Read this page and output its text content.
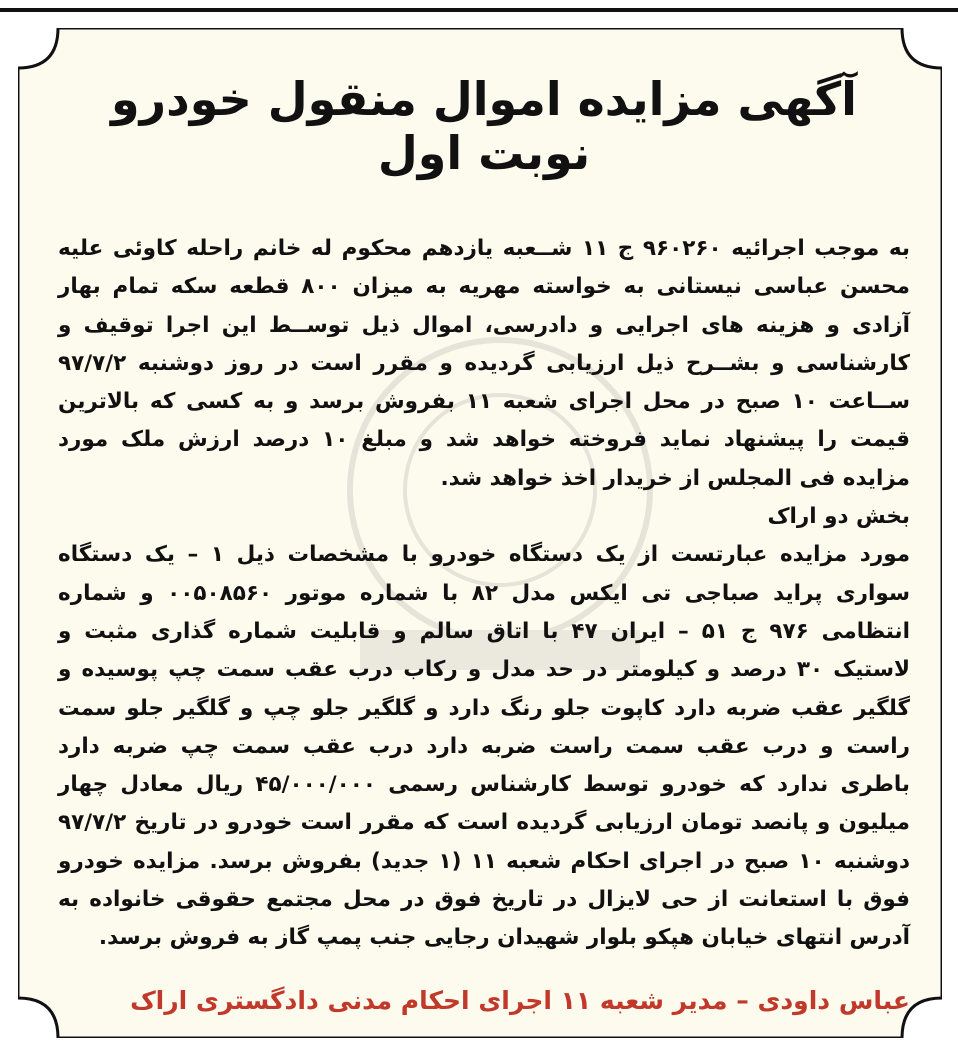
آگهی مزایده اموال منقول خودرو نوبت اول

به موجب اجرائیه ۹۶۰۲۶۰ ج ۱۱ شــعبه یازدهم محکوم له خانم راحله کاوئی علیه محسن عباسی نیستانی به خواسته مهریه به میزان ۸۰۰ قطعه سکه تمام بهار آزادی و هزینه های اجرایی و دادرسی، اموال ذیل توســط این اجرا توقیف و کارشناسی و بشــرح ذیل ارزیابی گردیده و مقرر است در روز دوشنبه ۹۷/۷/۲ ســاعت ۱۰ صبح در محل اجرای شعبه ۱۱ بفروش برسد و به کسی که بالاترین قیمت را پیشنهاد نماید فروخته خواهد شد و مبلغ ۱۰ درصد ارزش ملک مورد مزایده فی المجلس از خریدار اخذ خواهد شد.

بخش دو اراک

مورد مزایده عبارتست از یک دستگاه خودرو با مشخصات ذیل ۱ – یک دستگاه سواری پراید صباجی تی ایکس مدل ۸۲ با شماره موتور ۰۰۵۰۸۵۶۰ و شماره انتظامی ۹۷۶ ج ۵۱ – ایران ۴۷ با اتاق سالم و قابلیت شماره گذاری مثبت و لاستیک ۳۰ درصد و کیلومتر در حد مدل و رکاب درب عقب سمت چپ پوسیده و گلگیر عقب ضربه دارد کاپوت جلو رنگ دارد و گلگیر جلو چپ و گلگیر جلو سمت راست و درب عقب سمت راست ضربه دارد درب عقب سمت چپ ضربه دارد باطری ندارد که خودرو توسط کارشناس رسمی ۴۵/۰۰۰/۰۰۰ ریال معادل چهار میلیون و پانصد تومان ارزیابی گردیده است که مقرر است خودرو در تاریخ ۹۷/۷/۲ دوشنبه ۱۰ صبح در اجرای احکام شعبه ۱۱ (۱ جدید) بفروش برسد. مزایده خودرو فوق با استعانت از حی لایزال در تاریخ فوق در محل مجتمع حقوقی خانواده به آدرس انتهای خیابان هپکو بلوار شهیدان رجایی جنب پمپ گاز به فروش برسد.

عباس داودی – مدیر شعبه ۱۱ اجرای احکام مدنی دادگستری اراک
